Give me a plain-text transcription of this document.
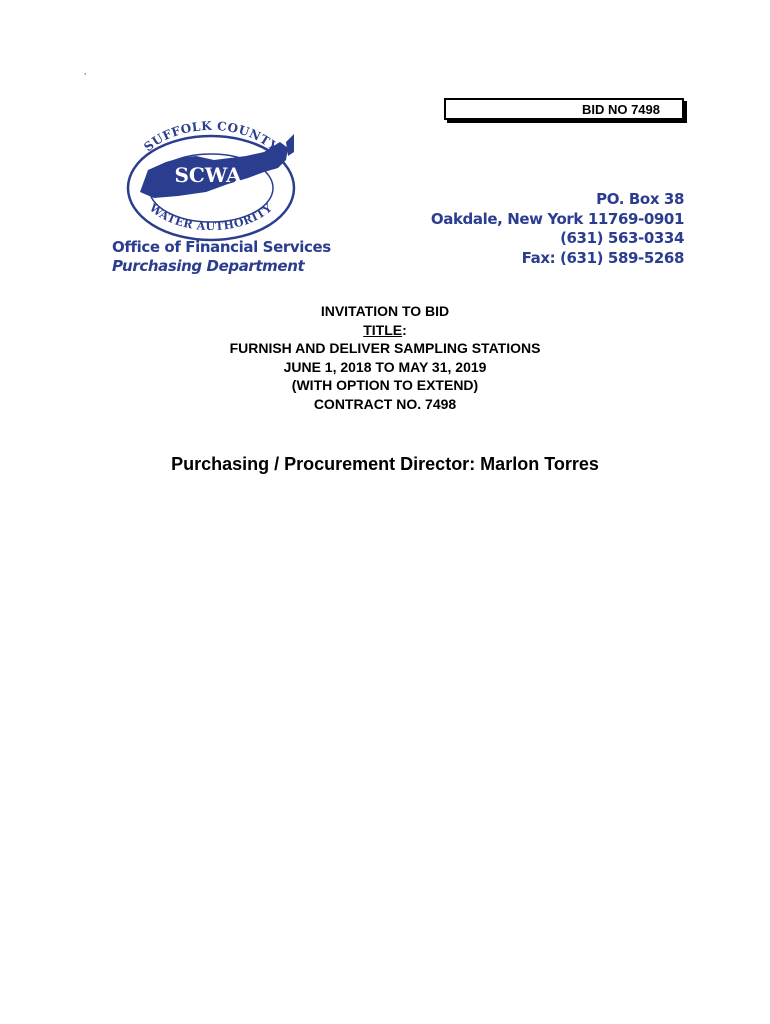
’
BID NO 7498
SUFFOLK COUNTY
SCWA
WATER AUTHORITY
Office of Financial Services
Purchasing Department
PO. Box 38
Oakdale, New York 11769-0901
(631) 563-0334
Fax: (631) 589-5268
INVITATION TO BID
TITLE:
FURNISH AND DELIVER SAMPLING STATIONS
JUNE 1, 2018 TO MAY 31, 2019
(WITH OPTION TO EXTEND)
CONTRACT NO. 7498
Purchasing / Procurement Director: Marlon Torres
